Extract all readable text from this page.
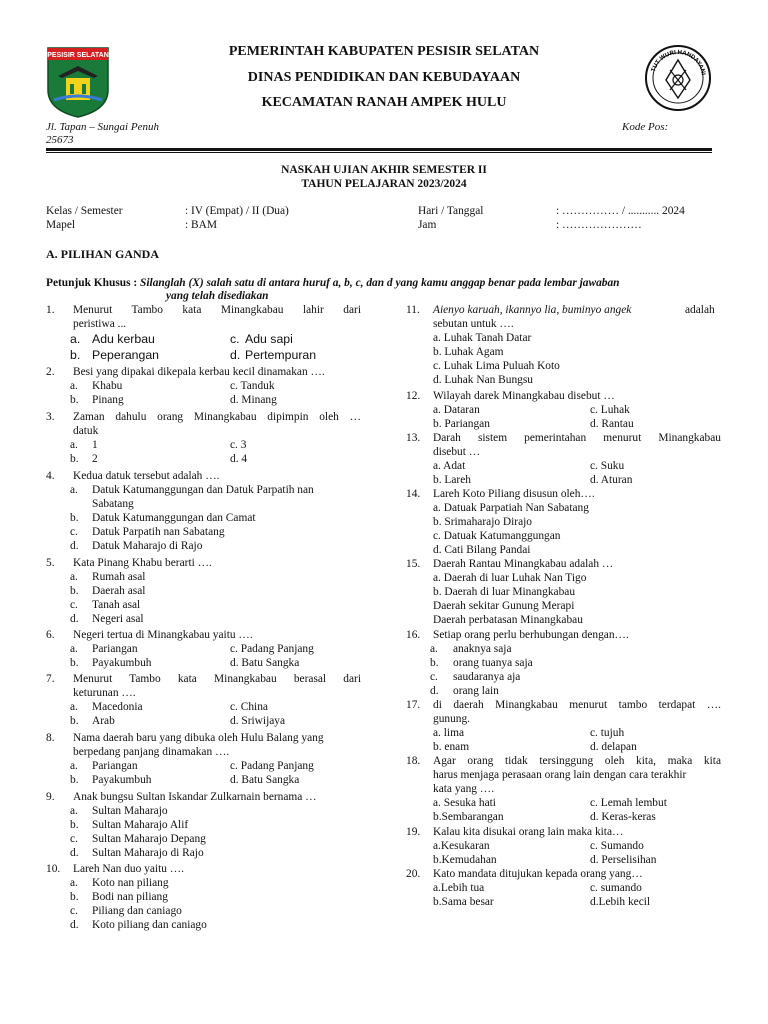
PESISIR SELATAN	PEMERINTAH KABUPATEN PESISIR SELATAN
DINAS PENDIDIKAN DAN KEBUDAYAAN
KECAMATAN RANAH AMPEK HULU
TUT WURI HANDAYANI
Jl. Tapan – Sungai Penuh
25673
Kode Pos:
NASKAH UJIAN AKHIR SEMESTER II
TAHUN PELAJARAN 2023/2024
Kelas / Semester	: IV (Empat) / II (Dua)
Mapel	: BAM
Hari / Tanggal	: …………… / ........... 2024
Jam	: …………………
A. PILIHAN GANDA
Petunjuk Khusus : Silanglah (X) salah satu di antara huruf a, b, c, dan d yang kamu anggap benar pada lembar jawaban
yang telah disediakan
1. Menurut Tambo kata Minangkabau lahir dari
peristiwa ...
a. Adu kerbau	c. Adu sapi
b. Peperangan	d. Pertempuran
2. Besi yang dipakai dikepala kerbau kecil dinamakan ….
a. Khabu	c. Tanduk
b. Pinang	d. Minang
3. Zaman dahulu orang Minangkabau dipimpin oleh …
datuk
a. 1	c. 3
b. 2	d. 4
4. Kedua datuk tersebut adalah ….
a. Datuk Katumanggungan dan Datuk Parpatih nan
Sabatang
b. Datuk Katumanggungan dan Camat
c. Datuk Parpatih nan Sabatang
d. Datuk Maharajo di Rajo
5. Kata Pinang Khabu berarti ….
a. Rumah asal
b. Daerah asal
c. Tanah asal
d. Negeri asal
6. Negeri tertua di Minangkabau yaitu ….
a. Pariangan	c. Padang Panjang
b. Payakumbuh	d. Batu Sangka
7. Menurut Tambo kata Minangkabau berasal dari
keturunan ….
a. Macedonia	c. China
b. Arab	d. Sriwijaya
8. Nama daerah baru yang dibuka oleh Hulu Balang yang
berpedang panjang dinamakan ….
a. Pariangan	c. Padang Panjang
b. Payakumbuh	d. Batu Sangka
9. Anak bungsu Sultan Iskandar Zulkarnain bernama …
a. Sultan Maharajo
b. Sultan Maharajo Alif
c. Sultan Maharajo Depang
d. Sultan Maharajo di Rajo
10. Lareh Nan duo yaitu ….
a. Koto nan piliang
b. Bodi nan piliang
c. Piliang dan caniago
d. Koto piliang dan caniago
11. Aienyo karuah, ikannyo lia, buminyo angek	adalah
sebutan untuk ….
a. Luhak Tanah Datar
b. Luhak Agam
c. Luhak Lima Puluah Koto
d. Luhak Nan Bungsu
12. Wilayah darek Minangkabau disebut …
a. Dataran	c. Luhak
b. Pariangan	d. Rantau
13. Darah sistem pemerintahan menurut Minangkabau
disebut …
a. Adat	c. Suku
b. Lareh	d. Aturan
14. Lareh Koto Piliang disusun oleh….
a. Datuak Parpatiah Nan Sabatang
b. Srimaharajo Dirajo
c. Datuak Katumanggungan
d. Cati Bilang Pandai
15. Daerah Rantau Minangkabau adalah …
a. Daerah di luar Luhak Nan Tigo
b. Daerah di luar Minangkabau
Daerah sekitar Gunung Merapi
Daerah perbatasan Minangkabau
16. Setiap orang perlu berhubungan dengan….
a. anaknya saja
b. orang tuanya saja
c. saudaranya aja
d. orang lain
17. di daerah Minangkabau menurut tambo terdapat ….
gunung.
a. lima	c. tujuh
b. enam	d. delapan
18. Agar orang tidak tersinggung oleh kita, maka kita
harus menjaga perasaan orang lain dengan cara terakhir
kata yang ….
a. Sesuka hati	c. Lemah lembut
b.Sembarangan	d. Keras-keras
19. Kalau kita disukai orang lain maka kita…
a.Kesukaran	c. Sumando
b.Kemudahan	d. Perselisihan
20. Kato mandata ditujukan kepada orang yang…
a.Lebih tua	c. sumando
b.Sama besar	d.Lebih kecil
